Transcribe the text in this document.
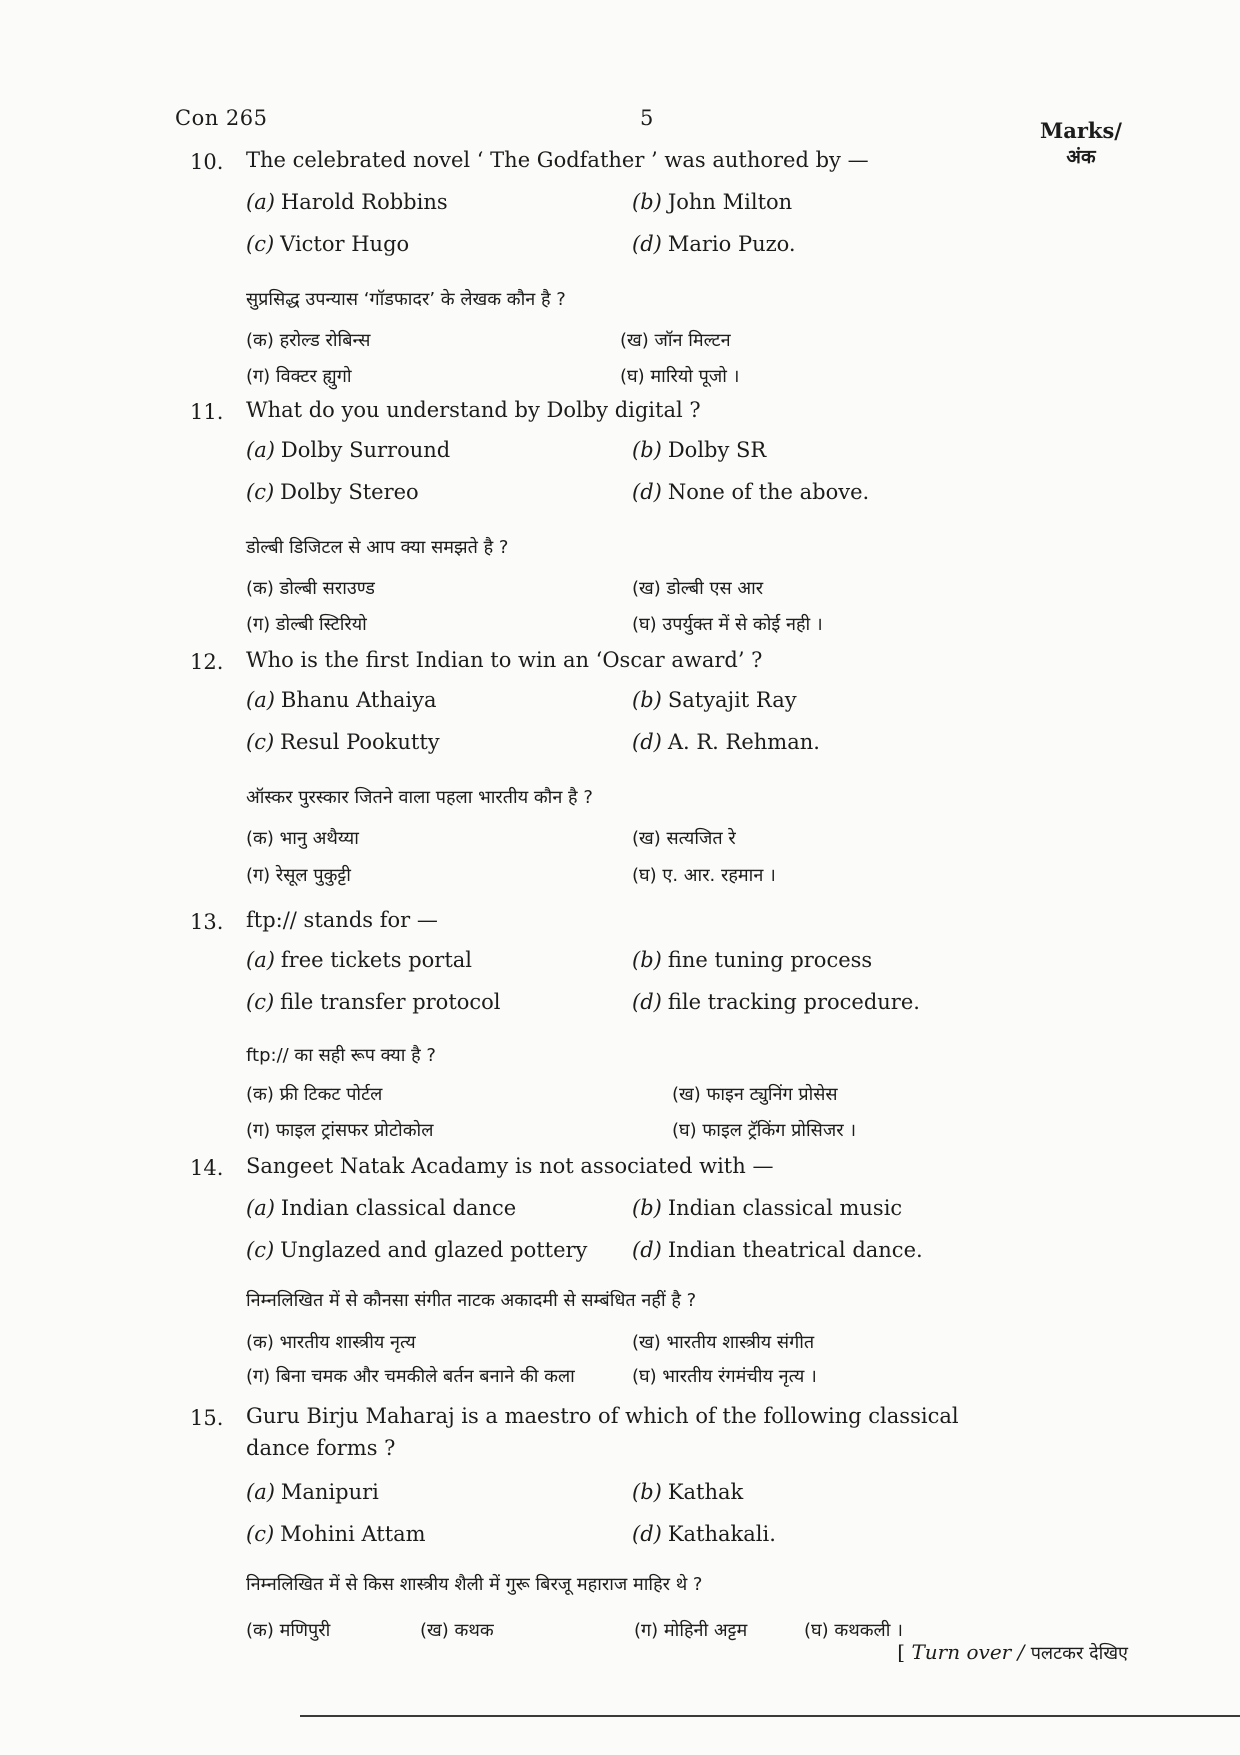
Con 265	5	Marks/
अंक
10. The celebrated novel ‘ The Godfather ’ was authored by —
(a) Harold Robbins	(b) John Milton
(c) Victor Hugo	(d) Mario Puzo.
सुप्रसिद्ध उपन्यास ‘गॉडफादर’ के लेखक कौन है ?
(क) हरोल्ड रोबिन्स	(ख) जॉन मिल्टन
(ग) विक्टर ह्युगो	(घ) मारियो पूजो ।
11. What do you understand by Dolby digital ?
(a) Dolby Surround	(b) Dolby SR
(c) Dolby Stereo	(d) None of the above.
डोल्बी डिजिटल से आप क्या समझते है ?
(क) डोल्बी सराउण्ड	(ख) डोल्बी एस आर
(ग) डोल्बी स्टिरियो	(घ) उपर्युक्त में से कोई नही ।
12. Who is the first Indian to win an ‘Oscar award’ ?
(a) Bhanu Athaiya	(b) Satyajit Ray
(c) Resul Pookutty	(d) A. R. Rehman.
ऑस्कर पुरस्कार जितने वाला पहला भारतीय कौन है ?
(क) भानु अथैय्या	(ख) सत्यजित रे
(ग) रेसूल पुकुट्टी	(घ) ए. आर. रहमान ।
13. ftp:// stands for —
(a) free tickets portal	(b) fine tuning process
(c) file transfer protocol	(d) file tracking procedure.
ftp:// का सही रूप क्या है ?
(क) फ्री टिकट पोर्टल	(ख) फाइन ट्युनिंग प्रोसेस
(ग) फाइल ट्रांसफर प्रोटोकोल	(घ) फाइल ट्रॅकिंग प्रोसिजर ।
14. Sangeet Natak Acadamy is not associated with —
(a) Indian classical dance	(b) Indian classical music
(c) Unglazed and glazed pottery (d) Indian theatrical dance.
निम्नलिखित में से कौनसा संगीत नाटक अकादमी से सम्बंधित नहीं है ?
(क) भारतीय शास्त्रीय नृत्य	(ख) भारतीय शास्त्रीय संगीत
(ग) बिना चमक और चमकीले बर्तन बनाने की कला	(घ) भारतीय रंगमंचीय नृत्य ।
15. Guru Birju Maharaj is a maestro of which of the following classical dance forms ?
(a) Manipuri	(b) Kathak
(c) Mohini Attam	(d) Kathakali.
निम्नलिखित में से किस शास्त्रीय शैली में गुरू बिरजू महाराज माहिर थे ?
(क) मणिपुरी	(ख) कथक	(ग) मोहिनी अट्टम	(घ) कथकली ।
[ Turn over / पलटकर देखिए
